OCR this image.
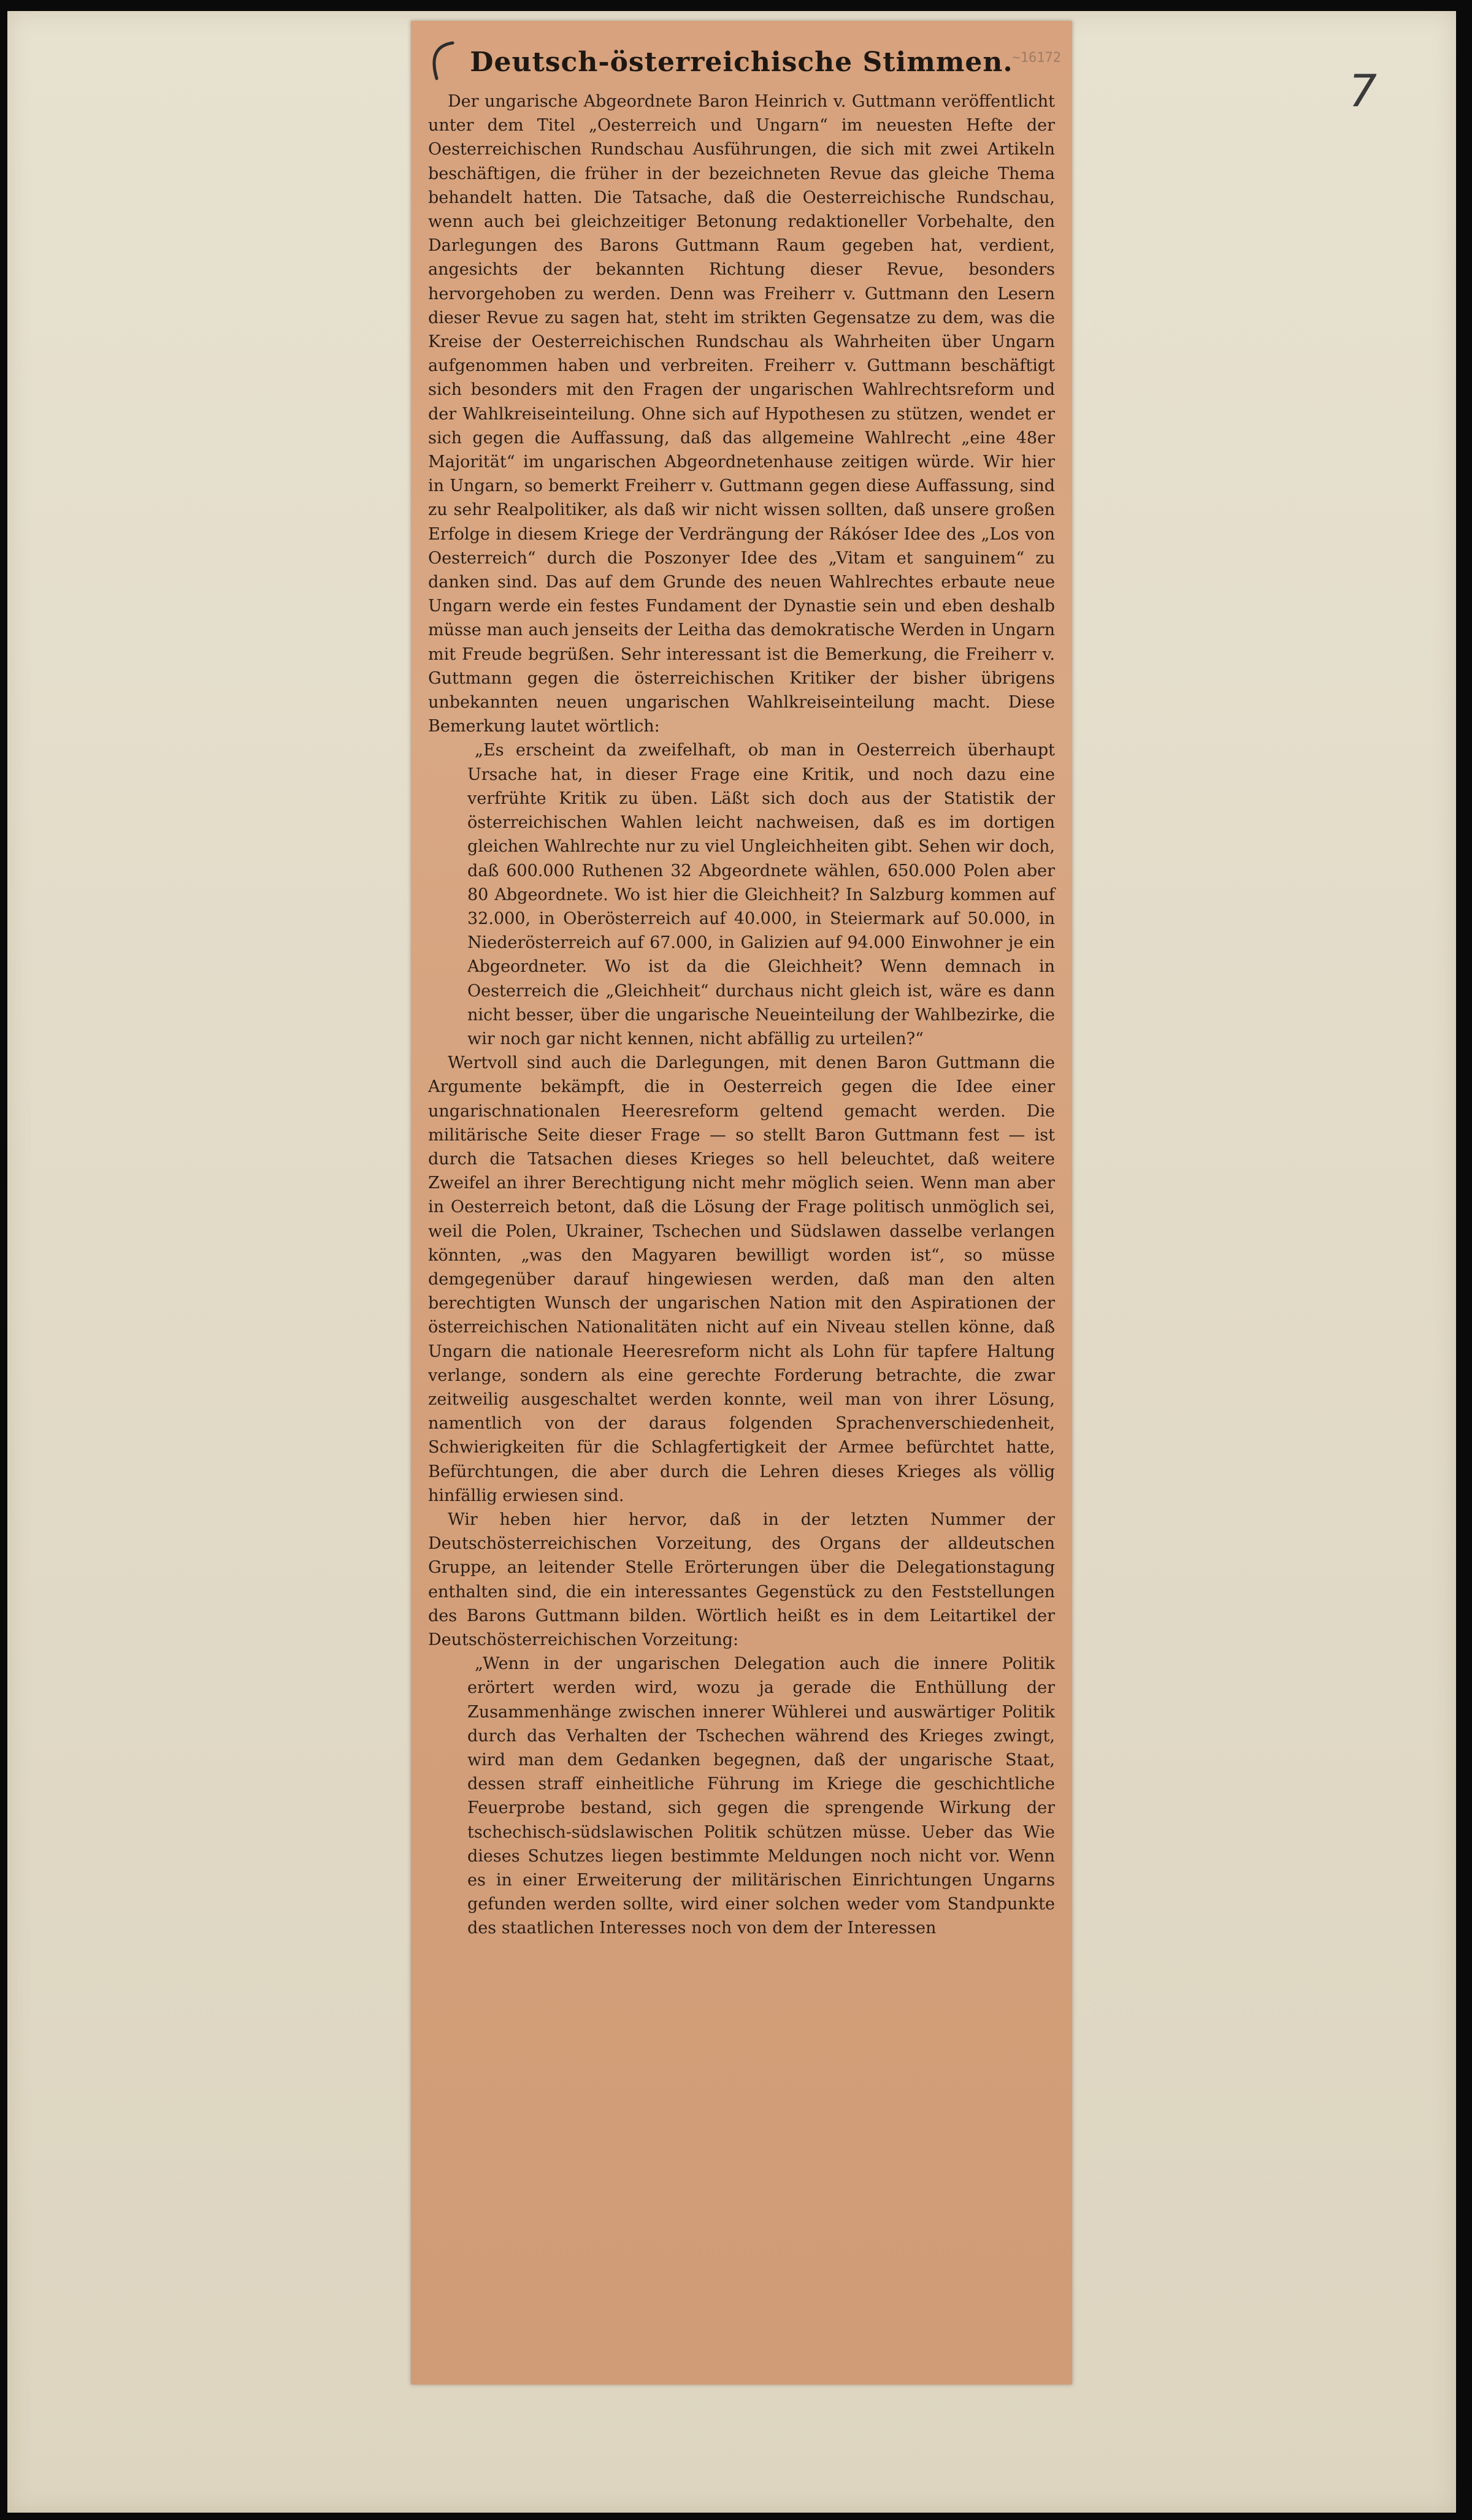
7
~16172
Deutsch-österreichische Stimmen.

Der ungarische Abgeordnete Baron Heinrich v. Guttmann veröffentlicht unter dem Titel „Oesterreich und Ungarn“ im neuesten Hefte der Oesterreichischen Rundschau Ausführungen, die sich mit zwei Artikeln beschäftigen, die früher in der bezeichneten Revue das gleiche Thema behandelt hatten. Die Tatsache, daß die Oesterreichische Rundschau, wenn auch bei gleichzeitiger Betonung redaktioneller Vorbehalte, den Darlegungen des Barons Guttmann Raum gegeben hat, verdient, angesichts der bekannten Richtung dieser Revue, besonders hervorgehoben zu werden. Denn was Freiherr v. Guttmann den Lesern dieser Revue zu sagen hat, steht im strikten Gegensatze zu dem, was die Kreise der Oesterreichischen Rundschau als Wahrheiten über Ungarn aufgenommen haben und verbreiten. Freiherr v. Guttmann beschäftigt sich besonders mit den Fragen der ungarischen Wahlrechtsreform und der Wahlkreiseinteilung. Ohne sich auf Hypothesen zu stützen, wendet er sich gegen die Auffassung, daß das allgemeine Wahlrecht „eine 48er Majorität“ im ungarischen Abgeordnetenhause zeitigen würde. Wir hier in Ungarn, so bemerkt Freiherr v. Guttmann gegen diese Auffassung, sind zu sehr Realpolitiker, als daß wir nicht wissen sollten, daß unsere großen Erfolge in diesem Kriege der Verdrängung der Rákóser Idee des „Los von Oesterreich“ durch die Poszonyer Idee des „Vitam et sanguinem“ zu danken sind. Das auf dem Grunde des neuen Wahlrechtes erbaute neue Ungarn werde ein festes Fundament der Dynastie sein und eben deshalb müsse man auch jenseits der Leitha das demokratische Werden in Ungarn mit Freude begrüßen. Sehr interessant ist die Bemerkung, die Freiherr v. Guttmann gegen die österreichischen Kritiker der bisher übrigens unbekannten neuen ungarischen Wahlkreiseinteilung macht. Diese Bemerkung lautet wörtlich:

„Es erscheint da zweifelhaft, ob man in Oesterreich überhaupt Ursache hat, in dieser Frage eine Kritik, und noch dazu eine verfrühte Kritik zu üben. Läßt sich doch aus der Statistik der österreichischen Wahlen leicht nachweisen, daß es im dortigen gleichen Wahlrechte nur zu viel Ungleichheiten gibt. Sehen wir doch, daß 600.000 Ruthenen 32 Abgeordnete wählen, 650.000 Polen aber 80 Abgeordnete. Wo ist hier die Gleichheit? In Salzburg kommen auf 32.000, in Oberösterreich auf 40.000, in Steiermark auf 50.000, in Niederösterreich auf 67.000, in Galizien auf 94.000 Einwohner je ein Abgeordneter. Wo ist da die Gleichheit? Wenn demnach in Oesterreich die „Gleichheit“ durchaus nicht gleich ist, wäre es dann nicht besser, über die ungarische Neueinteilung der Wahlbezirke, die wir noch gar nicht kennen, nicht abfällig zu urteilen?“

Wertvoll sind auch die Darlegungen, mit denen Baron Guttmann die Argumente bekämpft, die in Oesterreich gegen die Idee einer ungarischnationalen Heeresreform geltend gemacht werden. Die militärische Seite dieser Frage — so stellt Baron Guttmann fest — ist durch die Tatsachen dieses Krieges so hell beleuchtet, daß weitere Zweifel an ihrer Berechtigung nicht mehr möglich seien. Wenn man aber in Oesterreich betont, daß die Lösung der Frage politisch unmöglich sei, weil die Polen, Ukrainer, Tschechen und Südslawen dasselbe verlangen könnten, „was den Magyaren bewilligt worden ist“, so müsse demgegenüber darauf hingewiesen werden, daß man den alten berechtigten Wunsch der ungarischen Nation mit den Aspirationen der österreichischen Nationalitäten nicht auf ein Niveau stellen könne, daß Ungarn die nationale Heeresreform nicht als Lohn für tapfere Haltung verlange, sondern als eine gerechte Forderung betrachte, die zwar zeitweilig ausgeschaltet werden konnte, weil man von ihrer Lösung, namentlich von der daraus folgenden Sprachenverschiedenheit, Schwierigkeiten für die Schlagfertigkeit der Armee befürchtet hatte, Befürchtungen, die aber durch die Lehren dieses Krieges als völlig hinfällig erwiesen sind.

Wir heben hier hervor, daß in der letzten Nummer der Deutschösterreichischen Vorzeitung, des Organs der alldeutschen Gruppe, an leitender Stelle Erörterungen über die Delegationstagung enthalten sind, die ein interessantes Gegenstück zu den Feststellungen des Barons Guttmann bilden. Wörtlich heißt es in dem Leitartikel der Deutschösterreichischen Vorzeitung:

„Wenn in der ungarischen Delegation auch die innere Politik erörtert werden wird, wozu ja gerade die Enthüllung der Zusammenhänge zwischen innerer Wühlerei und auswärtiger Politik durch das Verhalten der Tschechen während des Krieges zwingt, wird man dem Gedanken begegnen, daß der ungarische Staat, dessen straff einheitliche Führung im Kriege die geschichtliche Feuerprobe bestand, sich gegen die sprengende Wirkung der tschechisch-südslawischen Politik schützen müsse. Ueber das Wie dieses Schutzes liegen bestimmte Meldungen noch nicht vor. Wenn es in einer Erweiterung der militärischen Einrichtungen Ungarns gefunden werden sollte, wird einer solchen weder vom Standpunkte des staatlichen Interesses noch von dem der Interessen
